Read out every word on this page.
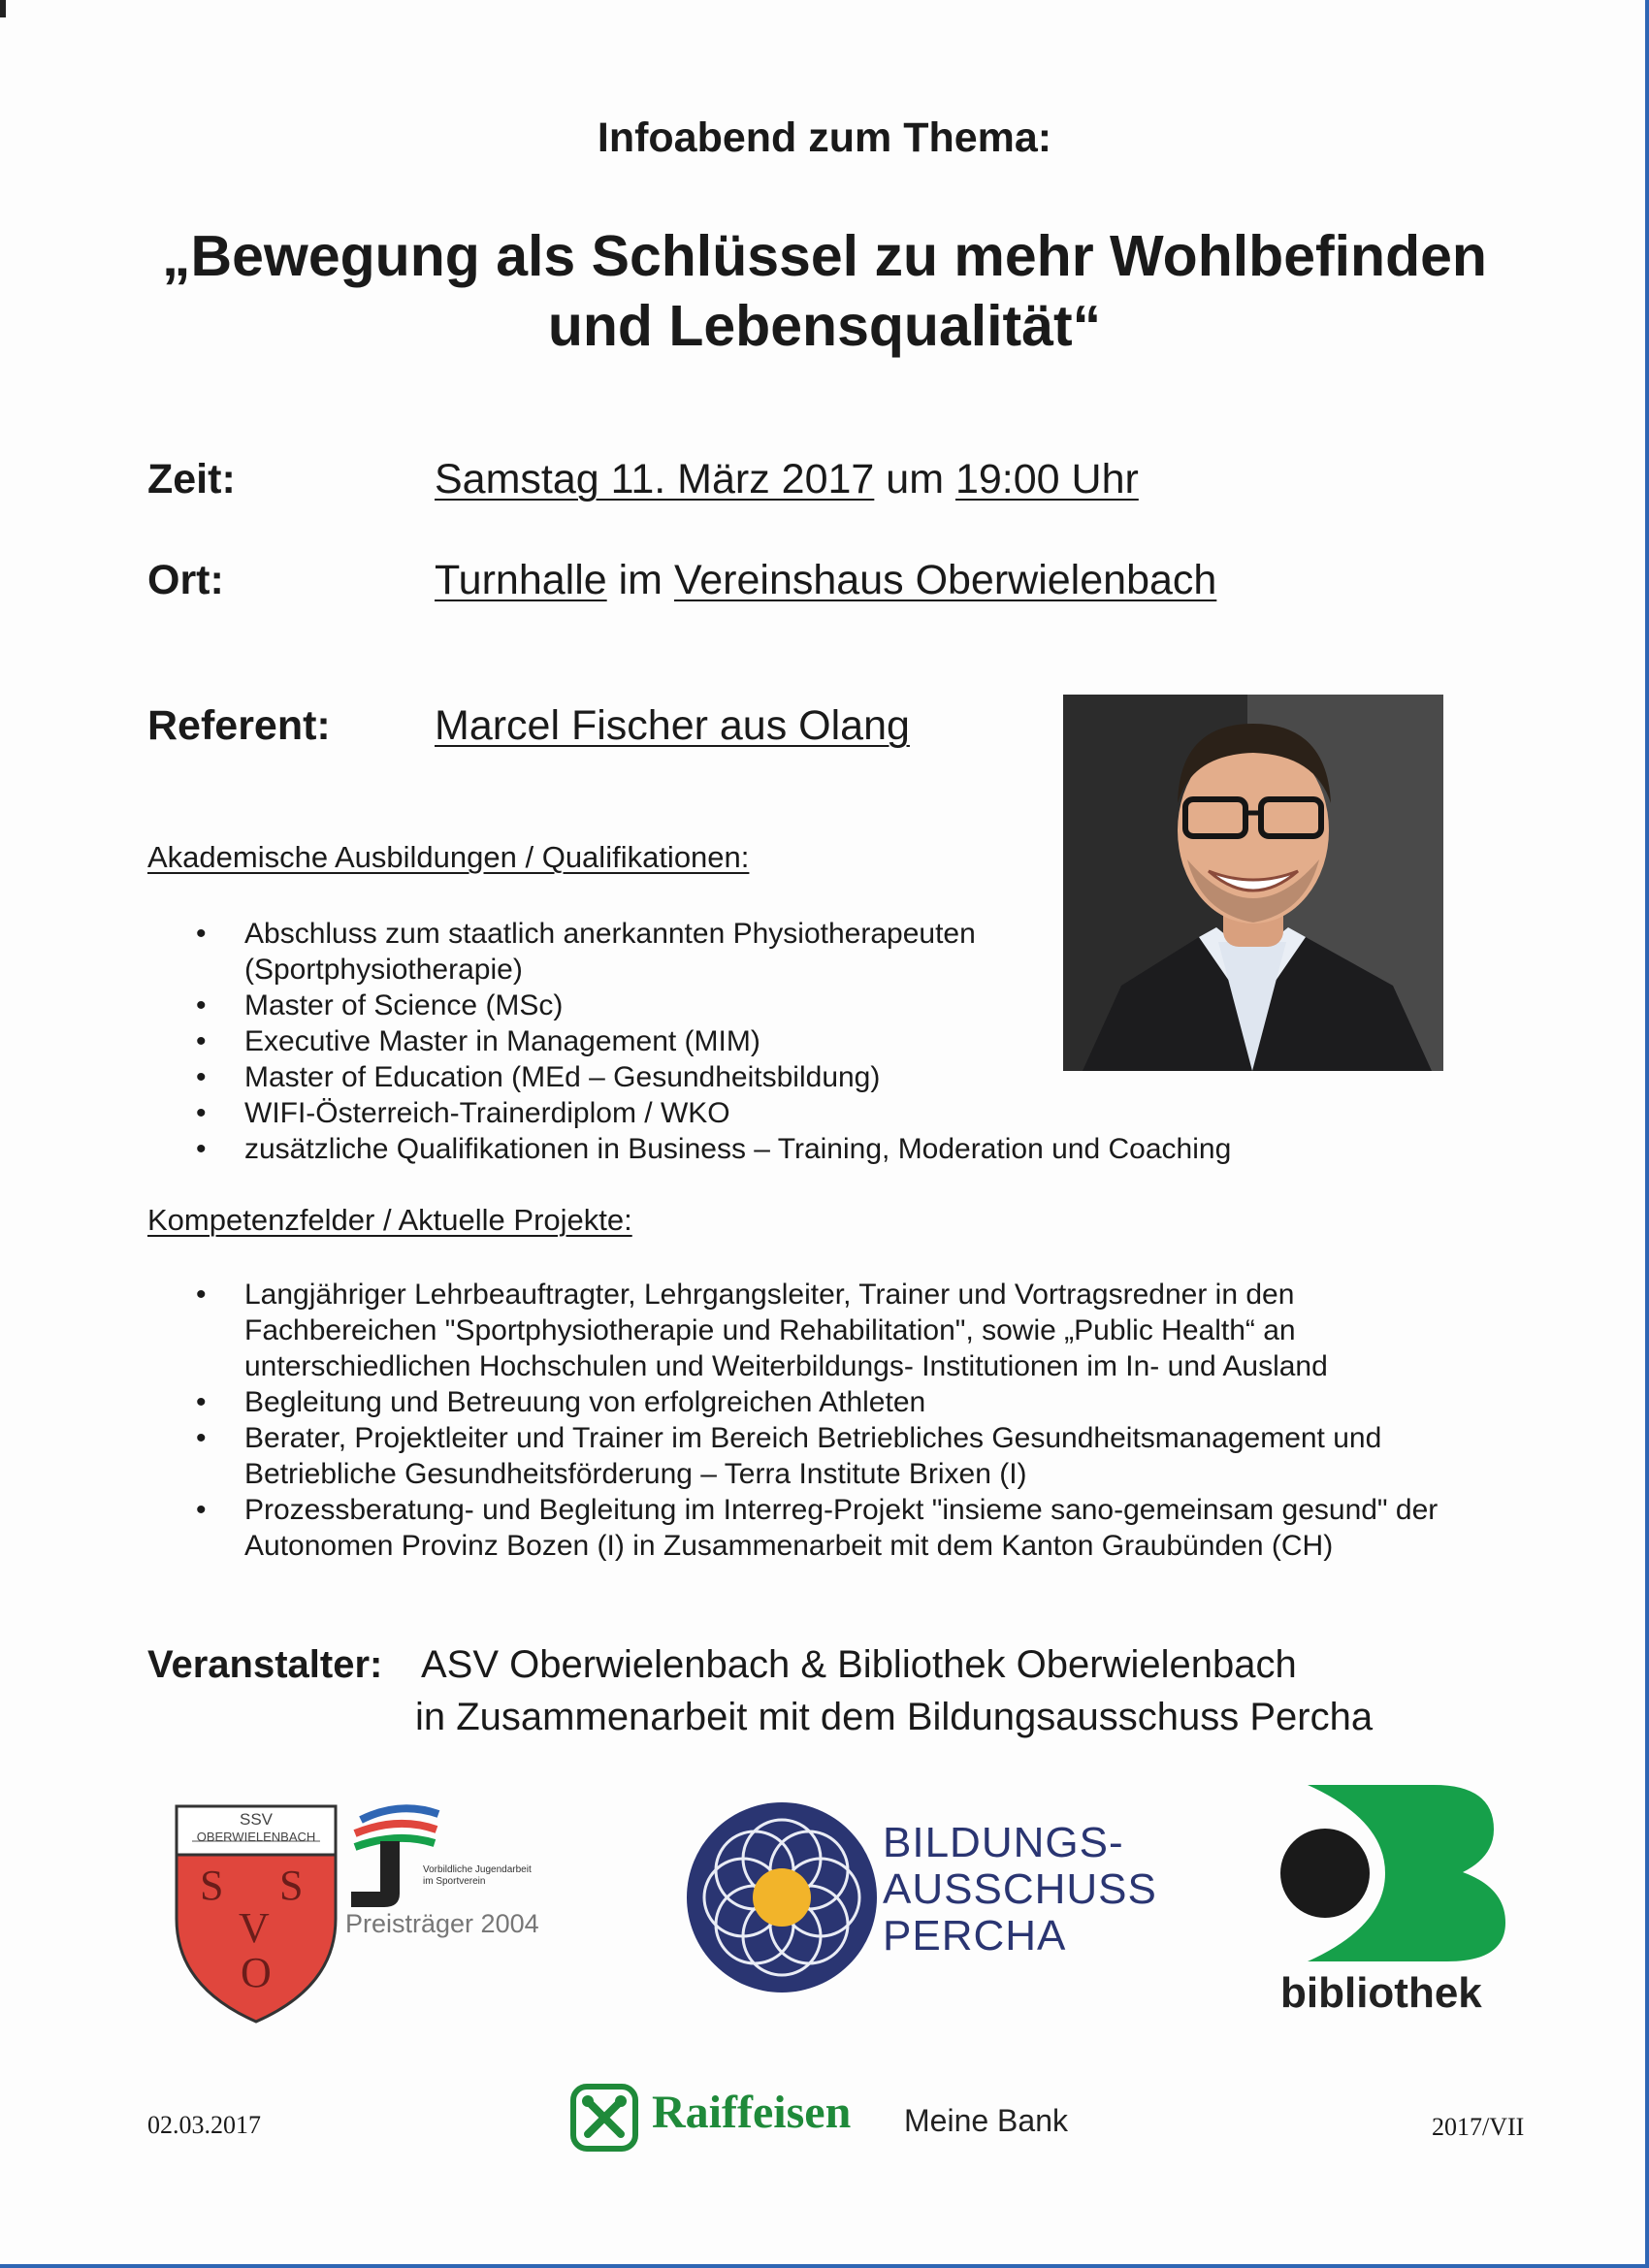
Infoabend zum Thema:
„Bewegung als Schlüssel zu mehr Wohlbefinden
und Lebensqualität“
Zeit:	Samstag 11. März 2017 um 19:00 Uhr
Ort:	Turnhalle im Vereinshaus Oberwielenbach
Referent: Marcel Fischer aus Olang
Akademische Ausbildungen / Qualifikationen:
• Abschluss zum staatlich anerkannten Physiotherapeuten
(Sportphysiotherapie)
• Master of Science (MSc)
• Executive Master in Management (MIM)
• Master of Education (MEd – Gesundheitsbildung)
• WIFI-Österreich-Trainerdiplom / WKO
• zusätzliche Qualifikationen in Business – Training, Moderation und Coaching
Kompetenzfelder / Aktuelle Projekte:
• Langjähriger Lehrbeauftragter, Lehrgangsleiter, Trainer und Vortragsredner in den
Fachbereichen "Sportphysiotherapie und Rehabilitation", sowie „Public Health“ an
unterschiedlichen Hochschulen und Weiterbildungs- Institutionen im In- und Ausland
• Begleitung und Betreuung von erfolgreichen Athleten
• Berater, Projektleiter und Trainer im Bereich Betriebliches Gesundheitsmanagement und
Betriebliche Gesundheitsförderung – Terra Institute Brixen (I)
• Prozessberatung- und Begleitung im Interreg-Projekt "insieme sano-gemeinsam gesund" der
Autonomen Provinz Bozen (I) in Zusammenarbeit mit dem Kanton Graubünden (CH)
Veranstalter: ASV Oberwielenbach & Bibliothek Oberwielenbach
in Zusammenarbeit mit dem Bildungsausschuss Percha
SSV
OBERWIELENBACH
S S
V
O
Vorbildliche Jugendarbeit
im Sportverein
Preisträger 2004
BILDUNGS-
AUSSCHUSS
PERCHA
bibliothek
02.03.2017	Raiffeisen Meine Bank	2017/VII
